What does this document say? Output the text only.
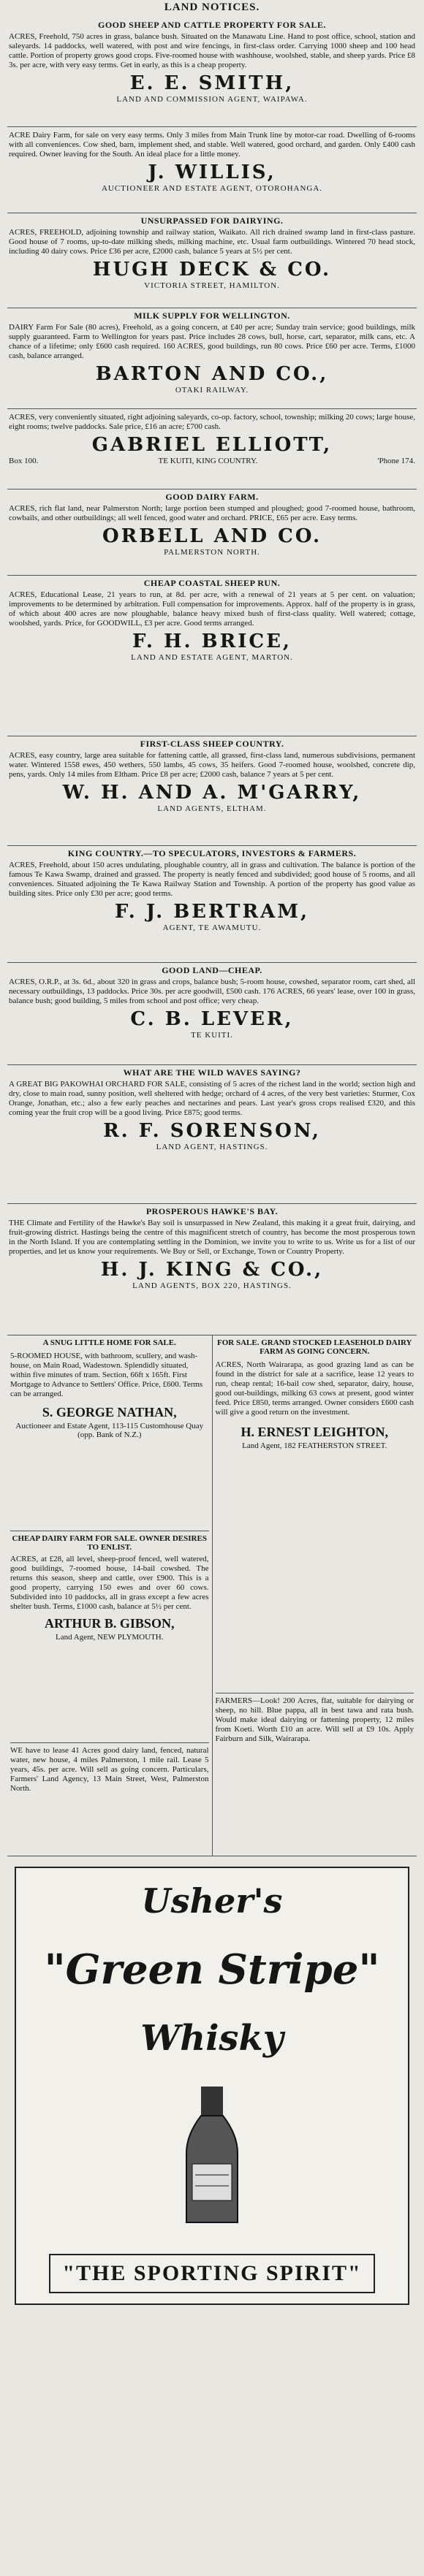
LAND NOTICES.
GOOD SHEEP AND CATTLE PROPERTY FOR SALE.
ACRES, Freehold, 750 acres in grass, balance bush. Situated on the Manawatu Line. Hand to post office, school, station and saleyards. 14 paddocks, well watered, with post and wire fencings, in first-class order. Carrying 1000 sheep and 100 head cattle. Portion of property grows good crops. Five-roomed house with washhouse, woolshed, stable, and sheep yards. Price £8 3s. per acre, with very easy terms. Get in early, as this is a cheap property.
E. E. SMITH,
LAND AND COMMISSION AGENT, WAIPAWA.
ACRE Dairy Farm, for sale on very easy terms. Only 3 miles from Main Trunk line by motor-car road. Dwelling of 6-rooms with all conveniences. Cow shed, barn, implement shed, and stable. Well watered, good orchard, and garden. Only £400 cash required. Owner leaving for the South. An ideal place for a little money.
J. WILLIS,
AUCTIONEER AND ESTATE AGENT, OTOROHANGA.
UNSURPASSED FOR DAIRYING.
ACRES, FREEHOLD, adjoining township and railway station, Waikato. All rich drained swamp land in first-class pasture. Good house of 7 rooms, up-to-date milking sheds, milking machine, etc. Usual farm outbuildings. Wintered 70 head stock, including 40 dairy cows. Price £36 per acre, £2000 cash, balance 5 years at 5½ per cent.
HUGH DECK & CO.
VICTORIA STREET, HAMILTON.
MILK SUPPLY FOR WELLINGTON.
DAIRY Farm For Sale (80 acres), Freehold, as a going concern, at £40 per acre; Sunday train service; good buildings, milk supply guaranteed. Farm to Wellington for years past. Price includes 28 cows, bull, horse, cart, separator, milk cans, etc. A chance of a lifetime; only £600 cash required. 160 ACRES, good buildings, run 80 cows. Price £60 per acre. Terms, £1000 cash, balance arranged.
BARTON AND CO.,
OTAKI RAILWAY.
ACRES, very conveniently situated, right adjoining saleyards, co-op. factory, school, township; milking 20 cows; large house, eight rooms; twelve paddocks. Sale price, £16 an acre; £700 cash.
GABRIEL ELLIOTT,
Box 100.	TE KUITI, KING COUNTRY.	'Phone 174.
GOOD DAIRY FARM.
ACRES, rich flat land, near Palmerston North; large portion been stumped and ploughed; good 7-roomed house, bathroom, cowbails, and other outbuildings; all well fenced, good water and orchard. PRICE, £65 per acre. Easy terms.
ORBELL AND CO.
PALMERSTON NORTH.
CHEAP COASTAL SHEEP RUN.
ACRES, Educational Lease, 21 years to run, at 8d. per acre, with a renewal of 21 years at 5 per cent. on valuation; improvements to be determined by arbitration. Full compensation for improvements. Approx. half of the property is in grass, of which about 400 acres are now ploughable, balance heavy mixed bush of first-class quality. Well watered; cottage, woolshed, yards. Price, for GOODWILL, £3 per acre. Good terms arranged.
F. H. BRICE,
LAND AND ESTATE AGENT, MARTON.
FIRST-CLASS SHEEP COUNTRY.
ACRES, easy country, large area suitable for fattening cattle, all grassed, first-class land, numerous subdivisions, permanent water. Wintered 1558 ewes, 450 wethers, 550 lambs, 45 cows, 35 heifers. Good 7-roomed house, woolshed, concrete dip, pens, yards. Only 14 miles from Eltham. Price £8 per acre; £2000 cash, balance 7 years at 5 per cent.
W. H. AND A. M'GARRY,
LAND AGENTS, ELTHAM.
KING COUNTRY.—TO SPECULATORS, INVESTORS & FARMERS.
ACRES, Freehold, about 150 acres undulating, ploughable country, all in grass and cultivation. The balance is portion of the famous Te Kawa Swamp, drained and grassed. The property is neatly fenced and subdivided; good house of 5 rooms, and all conveniences. Situated adjoining the Te Kawa Railway Station and Township. A portion of the property has good value as building sites. Price only £30 per acre; good terms.
F. J. BERTRAM,
AGENT, TE AWAMUTU.
GOOD LAND—CHEAP.
ACRES, O.R.P., at 3s. 6d., about 320 in grass and crops, balance bush; 5-room house, cowshed, separator room, cart shed, all necessary outbuildings, 13 paddocks. Price 30s. per acre goodwill, £500 cash. 176 ACRES, 66 years' lease, over 100 in grass, balance bush; good building, 5 miles from school and post office; very cheap.
C. B. LEVER,
TE KUITI.
WHAT ARE THE WILD WAVES SAYING?
A GREAT BIG PAKOWHAI ORCHARD FOR SALE, consisting of 5 acres of the richest land in the world; section high and dry, close to main road, sunny position, well sheltered with hedge; orchard of 4 acres, of the very best varieties: Sturmer, Cox Orange, Jonathan, etc.; also a few early peaches and nectarines and pears. Last year's gross crops realised £320, and this coming year the fruit crop will be a good living. Price £875; good terms.
R. F. SORENSON,
LAND AGENT, HASTINGS.
PROSPEROUS HAWKE'S BAY.
THE Climate and Fertility of the Hawke's Bay soil is unsurpassed in New Zealand, this making it a great fruit, dairying, and fruit-growing district. Hastings being the centre of this magnificent stretch of country, has become the most prosperous town in the North Island. If you are contemplating settling in the Dominion, we invite you to write to us. Write us for a list of our properties, and let us know your requirements. We Buy or Sell, or Exchange, Town or Country Property.
H. J. KING & CO.,
LAND AGENTS, BOX 220, HASTINGS.
A SNUG LITTLE HOME FOR SALE.
5-ROOMED HOUSE, with bathroom, scullery, and wash-house, on Main Road, Wadestown. Splendidly situated, within five minutes of tram. Section, 66ft x 165ft. First Mortgage to Advance to Settlers' Office. Price, £600. Terms can be arranged.
S. GEORGE NATHAN,
Auctioneer and Estate Agent, 113-115 Customhouse Quay (opp. Bank of N.Z.)
CHEAP DAIRY FARM FOR SALE. OWNER DESIRES TO ENLIST.
ACRES, at £28, all level, sheep-proof fenced, well watered, good buildings, 7-roomed house, 14-bail cowshed. The returns this season, sheep and cattle, over £900. This is a good property, carrying 150 ewes and over 60 cows. Subdivided into 10 paddocks, all in grass except a few acres shelter bush. Terms, £1000 cash, balance at 5½ per cent.
ARTHUR B. GIBSON,
Land Agent, NEW PLYMOUTH.
WE have to lease 41 Acres good dairy land, fenced, natural water, new house, 4 miles Palmerston, 1 mile rail. Lease 5 years, 45s. per acre. Will sell as going concern. Particulars, Farmers' Land Agency, 13 Main Street, West, Palmerston North.
FOR SALE. GRAND STOCKED LEASEHOLD DAIRY FARM AS GOING CONCERN.
ACRES, North Wairarapa, as good grazing land as can be found in the district for sale at a sacrifice, lease 12 years to run, cheap rental; 16-bail cow shed, separator, dairy, house, good out-buildings, milking 63 cows at present, good winter feed. Price £850, terms arranged. Owner considers £600 cash will give a good return on the investment.
H. ERNEST LEIGHTON,
Land Agent, 182 FEATHERSTON STREET.
FARMERS—Look! 200 Acres, flat, suitable for dairying or sheep, no hill. Blue pappa, all in best tawa and rata bush. Would make ideal dairying or fattening property, 12 miles from Koeti. Worth £10 an acre. Will sell at £9 10s. Apply Fairburn and Silk, Wairarapa.
Usher's
"Green Stripe"
Whisky
"THE SPORTING SPIRIT"
